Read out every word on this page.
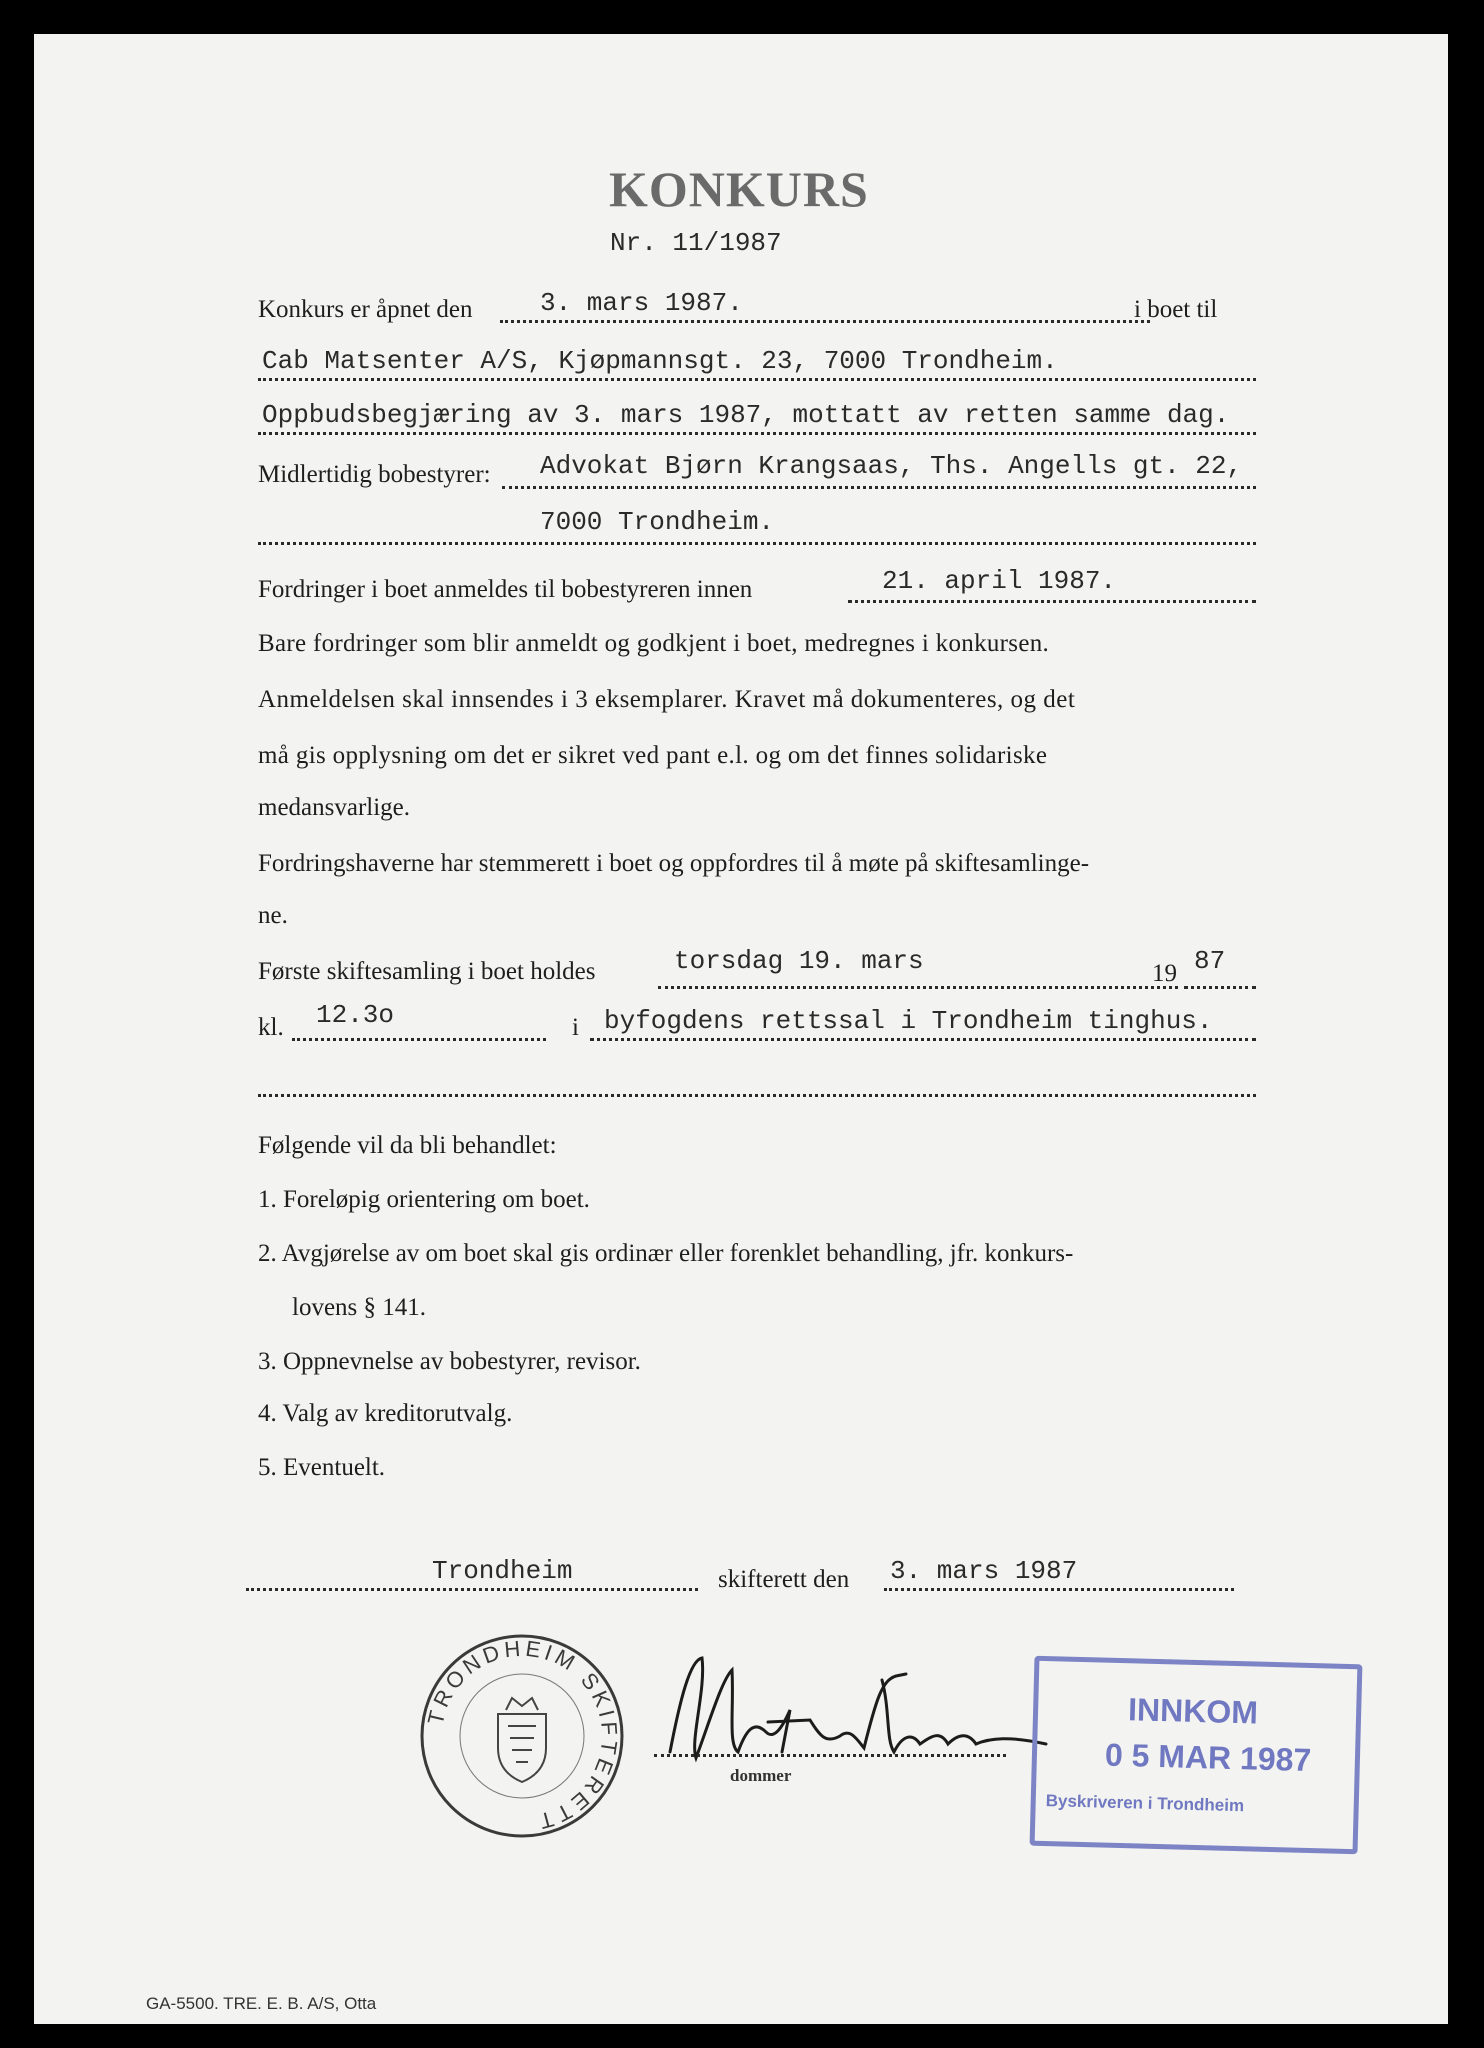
KONKURS
Nr. 11/1987
Konkurs er åpnet den	3. mars 1987.	i boet til
Cab Matsenter A/S, Kjøpmannsgt. 23, 7000 Trondheim.
Oppbudsbegjæring av 3. mars 1987, mottatt av retten samme dag.
Midlertidig bobestyrer: Advokat Bjørn Krangsaas, Ths. Angells gt. 22,
7000 Trondheim.
Fordringer i boet anmeldes til bobestyreren innen	21. april 1987.
Bare fordringer som blir anmeldt og godkjent i boet, medregnes i konkursen.
Anmeldelsen skal innsendes i 3 eksemplarer. Kravet må dokumenteres, og det
må gis opplysning om det er sikret ved pant e.l. og om det finnes solidariske
medansvarlige.
Fordringshaverne har stemmerett i boet og oppfordres til å møte på skiftesamlinge-
ne.
Første skiftesamling i boet holdes	torsdag 19. mars	19 87
kl. 12.3o	i byfogdens rettssal i Trondheim tinghus.
Følgende vil da bli behandlet:
1. Foreløpig orientering om boet.
2. Avgjørelse av om boet skal gis ordinær eller forenklet behandling, jfr. konkurs-
lovens § 141.
3. Oppnevnelse av bobestyrer, revisor.
4. Valg av kreditorutvalg.
5. Eventuelt.
Trondheim	skifterett den 3. mars 1987
TRONDHEIM SKIFTERETT
dommer
INNKOM
0 5 MAR 1987
Byskriveren i Trondheim
GA-5500. TRE. E. B. A/S, Otta
